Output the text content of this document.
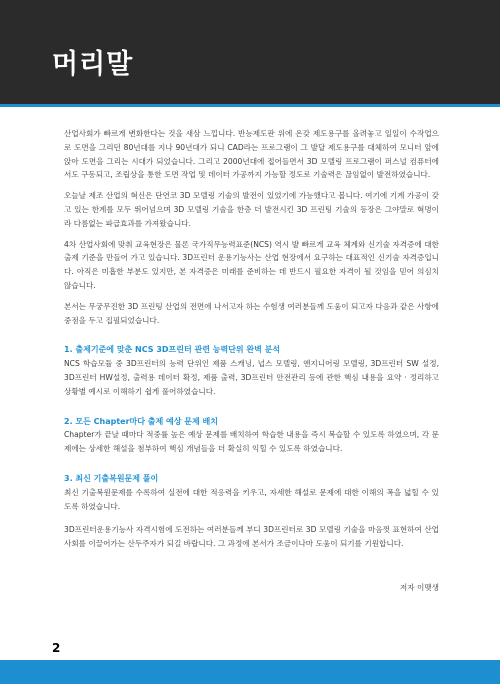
머리말

산업사회가 빠르게 변화한다는 것을 새삼 느낍니다. 반능제도판 위에 온갖 제도용구를 올려놓고 일일이 수작업으로 도면을 그리던 80년대를 지나 90년대가 되니 CAD라는 프로그램이 그 발달 제도용구를 대체하여 모니터 앞에 앉아 도면을 그리는 시대가 되었습니다. 그리고 2000년대에 접어들면서 3D 모델링 프로그램이 퍼스널 컴퓨터에서도 구동되고, 조립상을 통한 도면 작업 및 데이터 가공까지 가능할 정도로 기술력은 끊임없이 발전하였습니다.

오늘날 제조 산업의 혁신은 단연코 3D 모델링 기술의 발전이 있었기에 가능했다고 봅니다. 여기에 기계 가공이 갖고 있는 한계를 모두 뛰어넘으며 3D 모델링 기술을 한층 더 발전시킨 3D 프린팅 기술의 등장은 그야말로 혁명이라 다름없는 파급효과를 가져왔습니다.

4차 산업사회에 맞춰 교육현장은 물론 국가직무능력표준(NCS) 역시 발 빠르게 교육 체계와 신기술 자격증에 대한 출제 기준을 만들어 가고 있습니다. 3D프린터 운용기능사는 산업 현장에서 요구하는 대표적인 신기술 자격증입니다. 아직은 미흡한 부분도 있지만, 본 자격증은 미래를 준비하는 데 반드시 필요한 자격이 될 것임을 믿어 의심치 않습니다.

본서는 무궁무진한 3D 프린팅 산업의 전면에 나서고자 하는 수험생 여러분들께 도움이 되고자 다음과 같은 사항에 중점을 두고 집필되었습니다.

1. 출제기준에 맞춘 NCS 3D프린터 관련 능력단위 완벽 분석

NCS 학습모듈 중 3D프린터의 능력 단위인 제품 스캐닝, 넙스 모델링, 엔지니어링 모델링, 3D프린터 SW 설정, 3D프린터 HW설정, 출력용 데이터 확정, 제품 출력, 3D프린터 안전관리 등에 관한 핵심 내용을 요약 · 정리하고 상황별 예시로 이해하기 쉽게 풀어하였습니다.

2. 모든 Chapter마다 출제 예상 문제 배치

Chapter가 끝날 때마다 적중률 높은 예상 문제를 배치하여 학습한 내용을 즉시 복습할 수 있도록 하였으며, 각 문제에는 상세한 해설을 첨부하여 핵심 개념들을 더 확실히 익힐 수 있도록 하였습니다.

3. 최신 기출복원문제 풀이

최신 기출복원문제를 수록하여 실전에 대한 적응력을 키우고, 자세한 해설로 문제에 대한 이해의 폭을 넓힐 수 있도록 하였습니다.

3D프린터운용기능사 자격시험에 도전하는 여러분들께 부디 3D프린터로 3D 모델링 기술을 마음껏 표현하여 산업사회를 이끌어가는 산두주자가 되길 바랍니다. 그 과정에 본서가 조금이나마 도움이 되기를 기원합니다.

저자 이맺생
2
